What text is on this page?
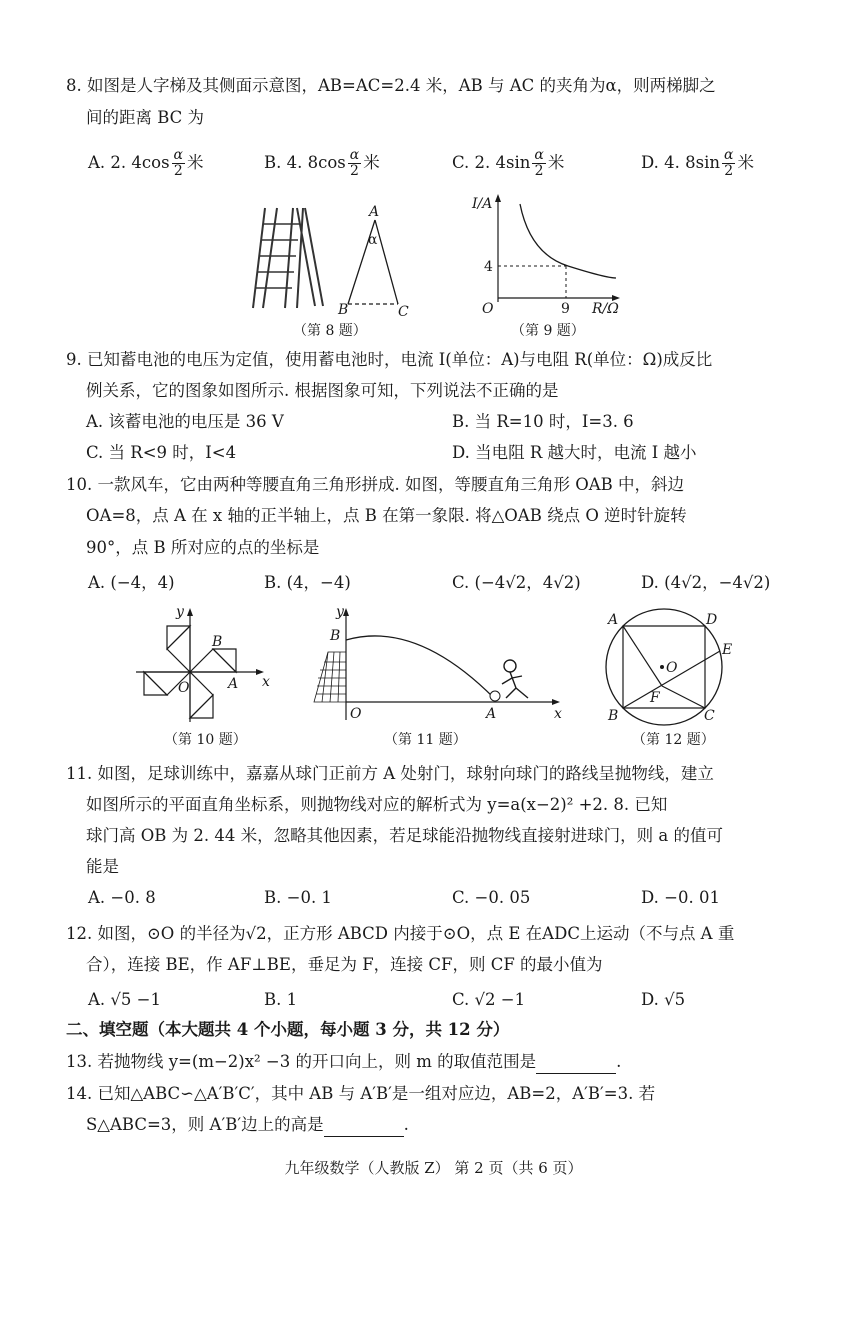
8. 如图是人字梯及其侧面示意图，AB=AC=2.4 米，AB 与 AC 的夹角为α，则两梯脚之
间的距离 BC 为
A. 2. $4\cos \frac{\alpha}{2}$ 米	B. 4. $8\cos \frac{\alpha}{2}$ 米	C. 2. $4\sin \frac{\alpha}{2}$ 米	D. 4. $8\sin \frac{\alpha}{2}$ 米
A
α
B	C
（第 8 题）
I/A
4
O	9 R/Ω
（第 9 题）
9. 已知蓄电池的电压为定值，使用蓄电池时，电流 I(单位：A)与电阻 R(单位：Ω)成反比
例关系，它的图象如图所示. 根据图象可知，下列说法不正确的是
A. 该蓄电池的电压是 36 V	B. 当 R=10 时，I=3. 6
C. 当 R<9 时，I<4	D. 当电阻 R 越大时，电流 I 越小
10. 一款风车，它由两种等腰直角三角形拼成. 如图，等腰直角三角形 OAB 中，斜边
OA=8，点 A 在 x 轴的正半轴上，点 B 在第一象限. 将△OAB 绕点 O 逆时针旋转
90°，点 B 所对应的点的坐标是
A. (−4，4)	B. (4，−4)	C. (−4√2，4√2)	D. (4√2，−4√2)
y
B
O	A x
（第 10 题）
y
B
O	A	x
（第 11 题）
A	D
O
E
F
B	C
（第 12 题）
11. 如图，足球训练中，嘉嘉从球门正前方 A 处射门，球射向球门的路线呈抛物线，建立
如图所示的平面直角坐标系，则抛物线对应的解析式为 y=a(x−2)² +2. 8. 已知
球门高 OB 为 2. 44 米，忽略其他因素，若足球能沿抛物线直接射进球门，则 a 的值可
能是
A. −0. 8	B. −0. 1	C. −0. 05	D. −0. 01
12. 如图，⊙O 的半径为√2，正方形 ABCD 内接于⊙O，点 E 在ADC上运动（不与点 A 重
合），连接 BE，作 AF⊥BE，垂足为 F，连接 CF，则 CF 的最小值为
A. √5 −1	B. 1	C. √2 −1	D. √5
二、填空题（本大题共 4 个小题，每小题 3 分，共 12 分）
13. 若抛物线 y=(m−2)x² −3 的开口向上，则 m 的取值范围是	.
14. 已知△ABC∽△A′B′C′，其中 AB 与 A′B′是一组对应边，AB=2，A′B′=3. 若
S△ABC=3，则 A′B′边上的高是	.
九年级数学（人教版 Z） 第 2 页（共 6 页）
